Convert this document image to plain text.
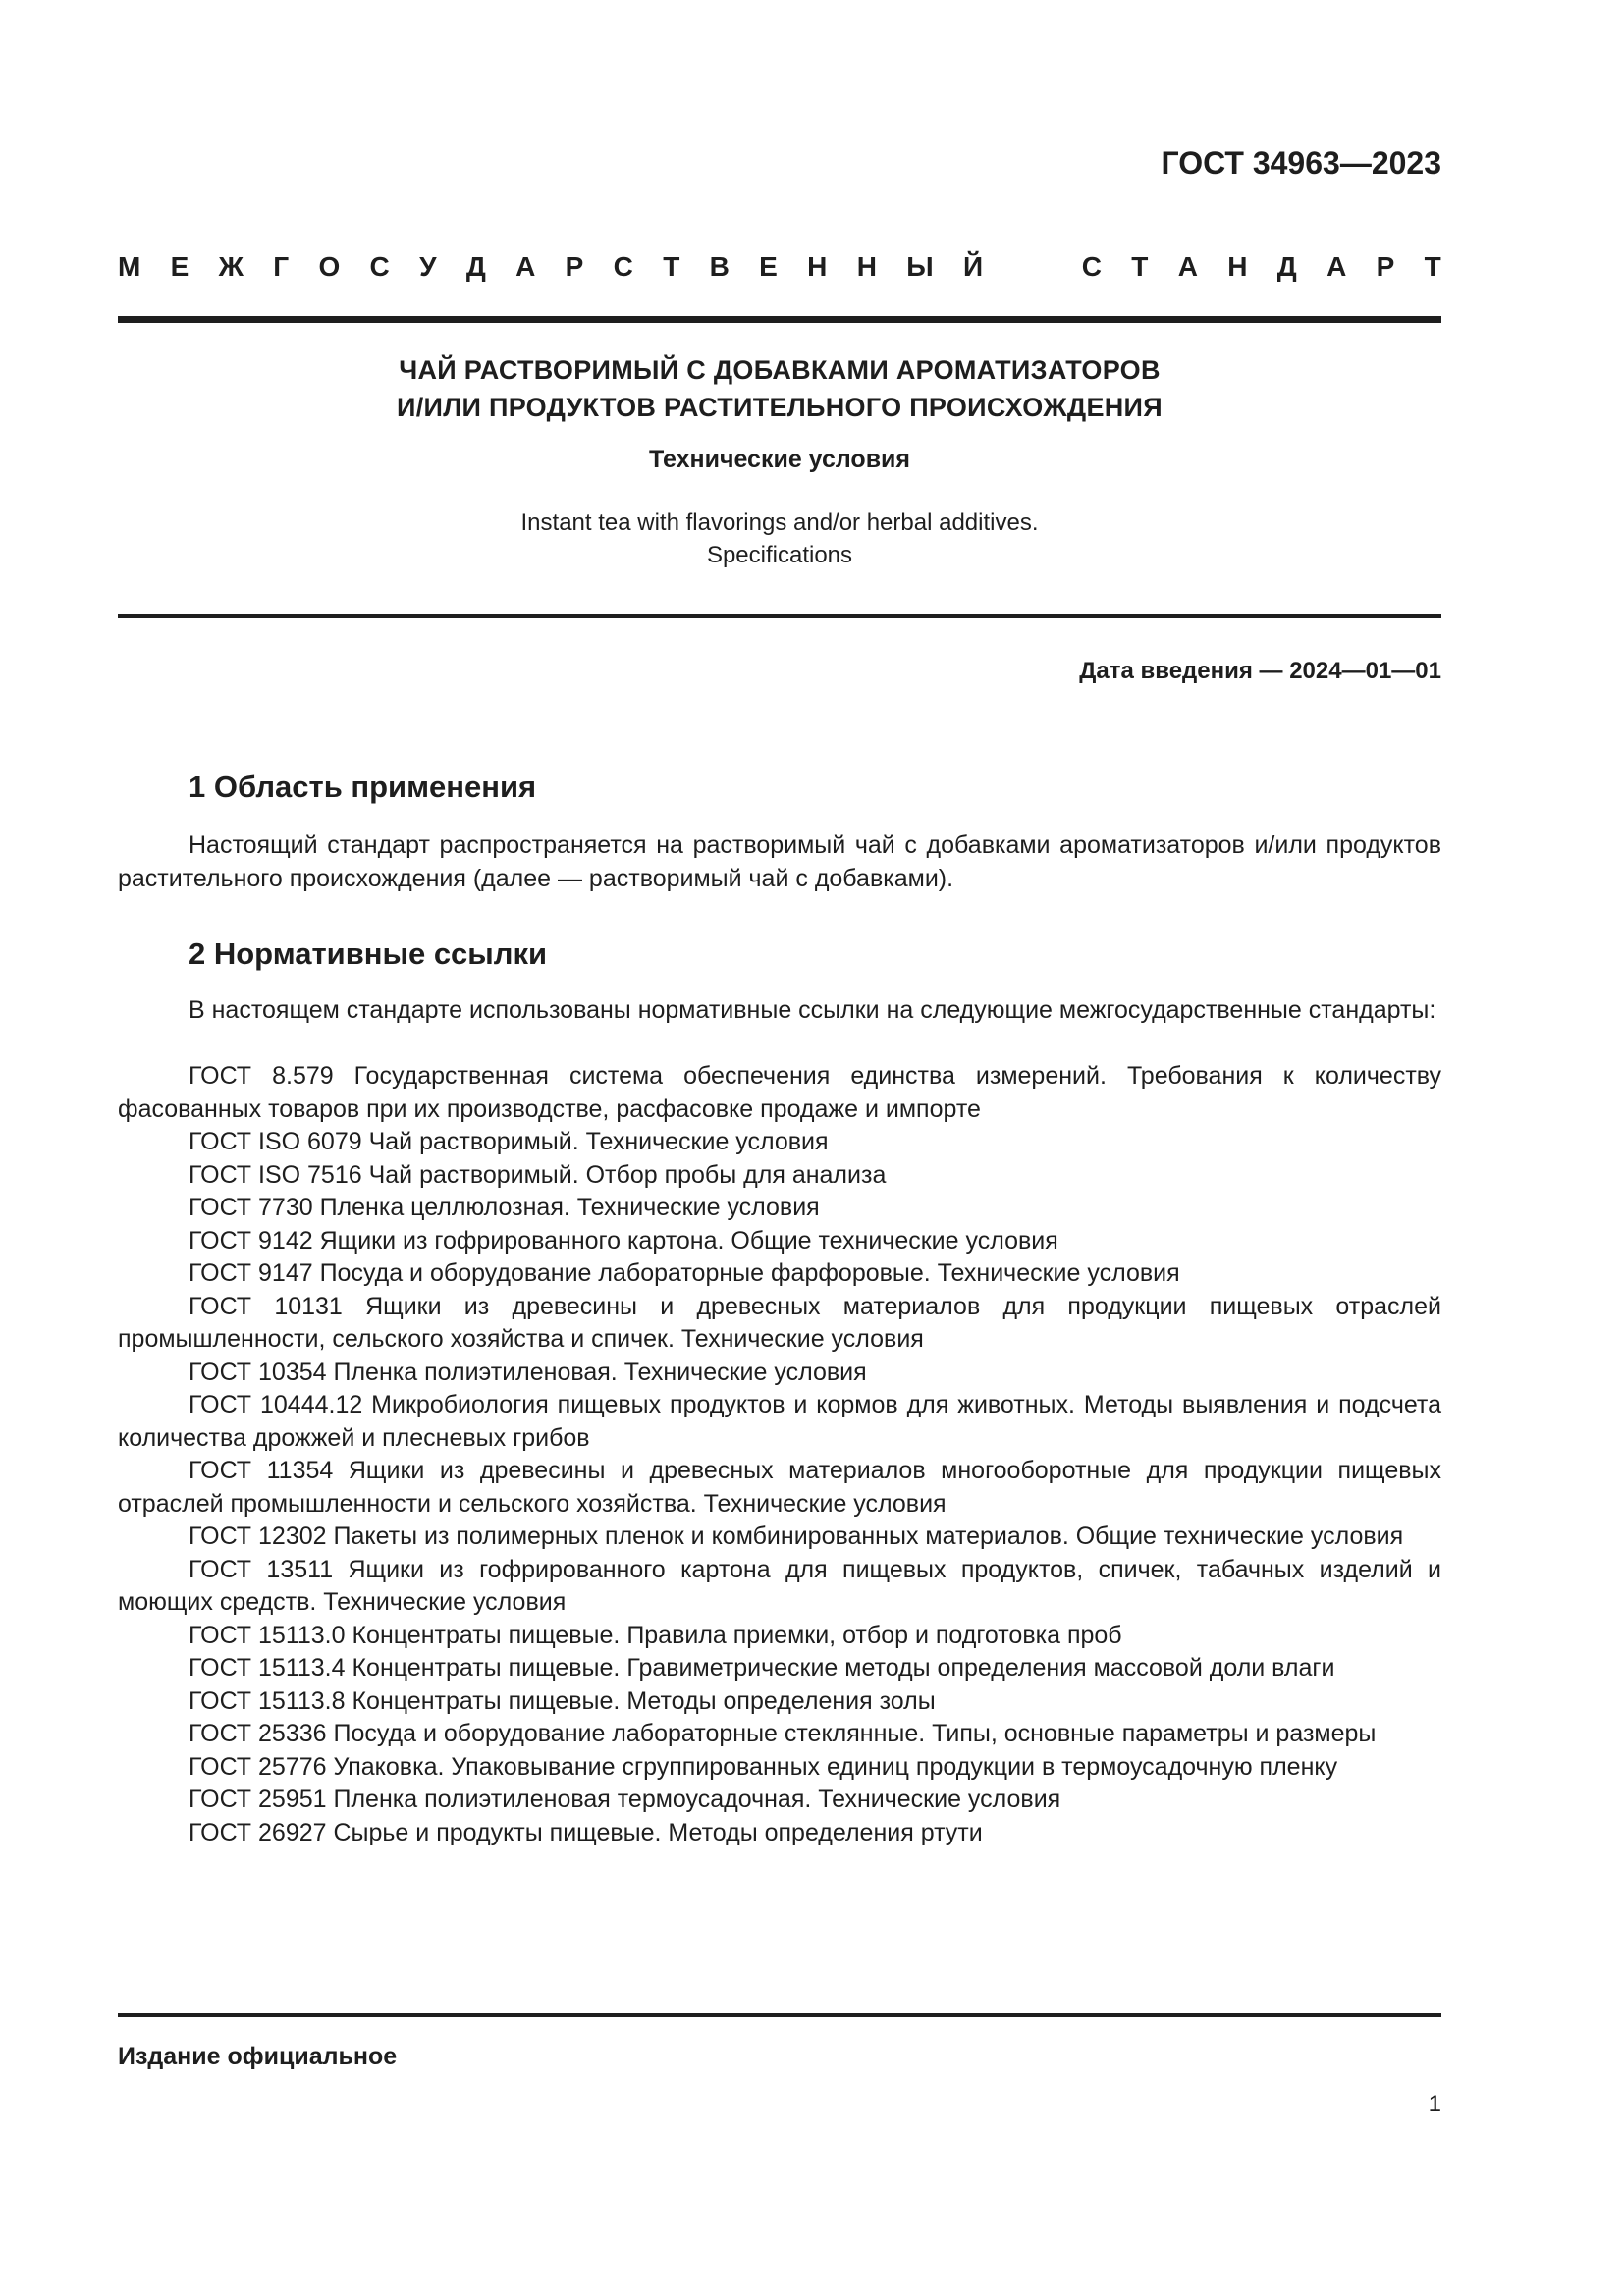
ГОСТ 34963—2023

М Е Ж Г О С У Д А Р С Т В Е Н Н Ы Й	С Т А Н Д А Р Т
ЧАЙ РАСТВОРИМЫЙ С ДОБАВКАМИ АРОМАТИЗАТОРОВ
И/ИЛИ ПРОДУКТОВ РАСТИТЕЛЬНОГО ПРОИСХОЖДЕНИЯ

Технические условия

Instant tea with flavorings and/or herbal additives.
Specifications

Дата введения — 2024—01—01

1 Область применения

Настоящий стандарт распространяется на растворимый чай с добавками ароматизаторов и/или продуктов растительного происхождения (далее — растворимый чай с добавками).

2 Нормативные ссылки

В настоящем стандарте использованы нормативные ссылки на следующие межгосударственные стандарты:

ГОСТ 8.579 Государственная система обеспечения единства измерений. Требования к количеству фасованных товаров при их производстве, расфасовке продаже и импорте
ГОСТ ISO 6079 Чай растворимый. Технические условия
ГОСТ ISO 7516 Чай растворимый. Отбор пробы для анализа
ГОСТ 7730 Пленка целлюлозная. Технические условия
ГОСТ 9142 Ящики из гофрированного картона. Общие технические условия
ГОСТ 9147 Посуда и оборудование лабораторные фарфоровые. Технические условия
ГОСТ 10131 Ящики из древесины и древесных материалов для продукции пищевых отраслей промышленности, сельского хозяйства и спичек. Технические условия
ГОСТ 10354 Пленка полиэтиленовая. Технические условия
ГОСТ 10444.12 Микробиология пищевых продуктов и кормов для животных. Методы выявления и подсчета количества дрожжей и плесневых грибов
ГОСТ 11354 Ящики из древесины и древесных материалов многооборотные для продукции пищевых отраслей промышленности и сельского хозяйства. Технические условия
ГОСТ 12302 Пакеты из полимерных пленок и комбинированных материалов. Общие технические условия
ГОСТ 13511 Ящики из гофрированного картона для пищевых продуктов, спичек, табачных изделий и моющих средств. Технические условия
ГОСТ 15113.0 Концентраты пищевые. Правила приемки, отбор и подготовка проб
ГОСТ 15113.4 Концентраты пищевые. Гравиметрические методы определения массовой доли влаги
ГОСТ 15113.8 Концентраты пищевые. Методы определения золы
ГОСТ 25336 Посуда и оборудование лабораторные стеклянные. Типы, основные параметры и размеры
ГОСТ 25776 Упаковка. Упаковывание сгруппированных единиц продукции в термоусадочную пленку
ГОСТ 25951 Пленка полиэтиленовая термоусадочная. Технические условия
ГОСТ 26927 Сырье и продукты пищевые. Методы определения ртути

Издание официальное

1
